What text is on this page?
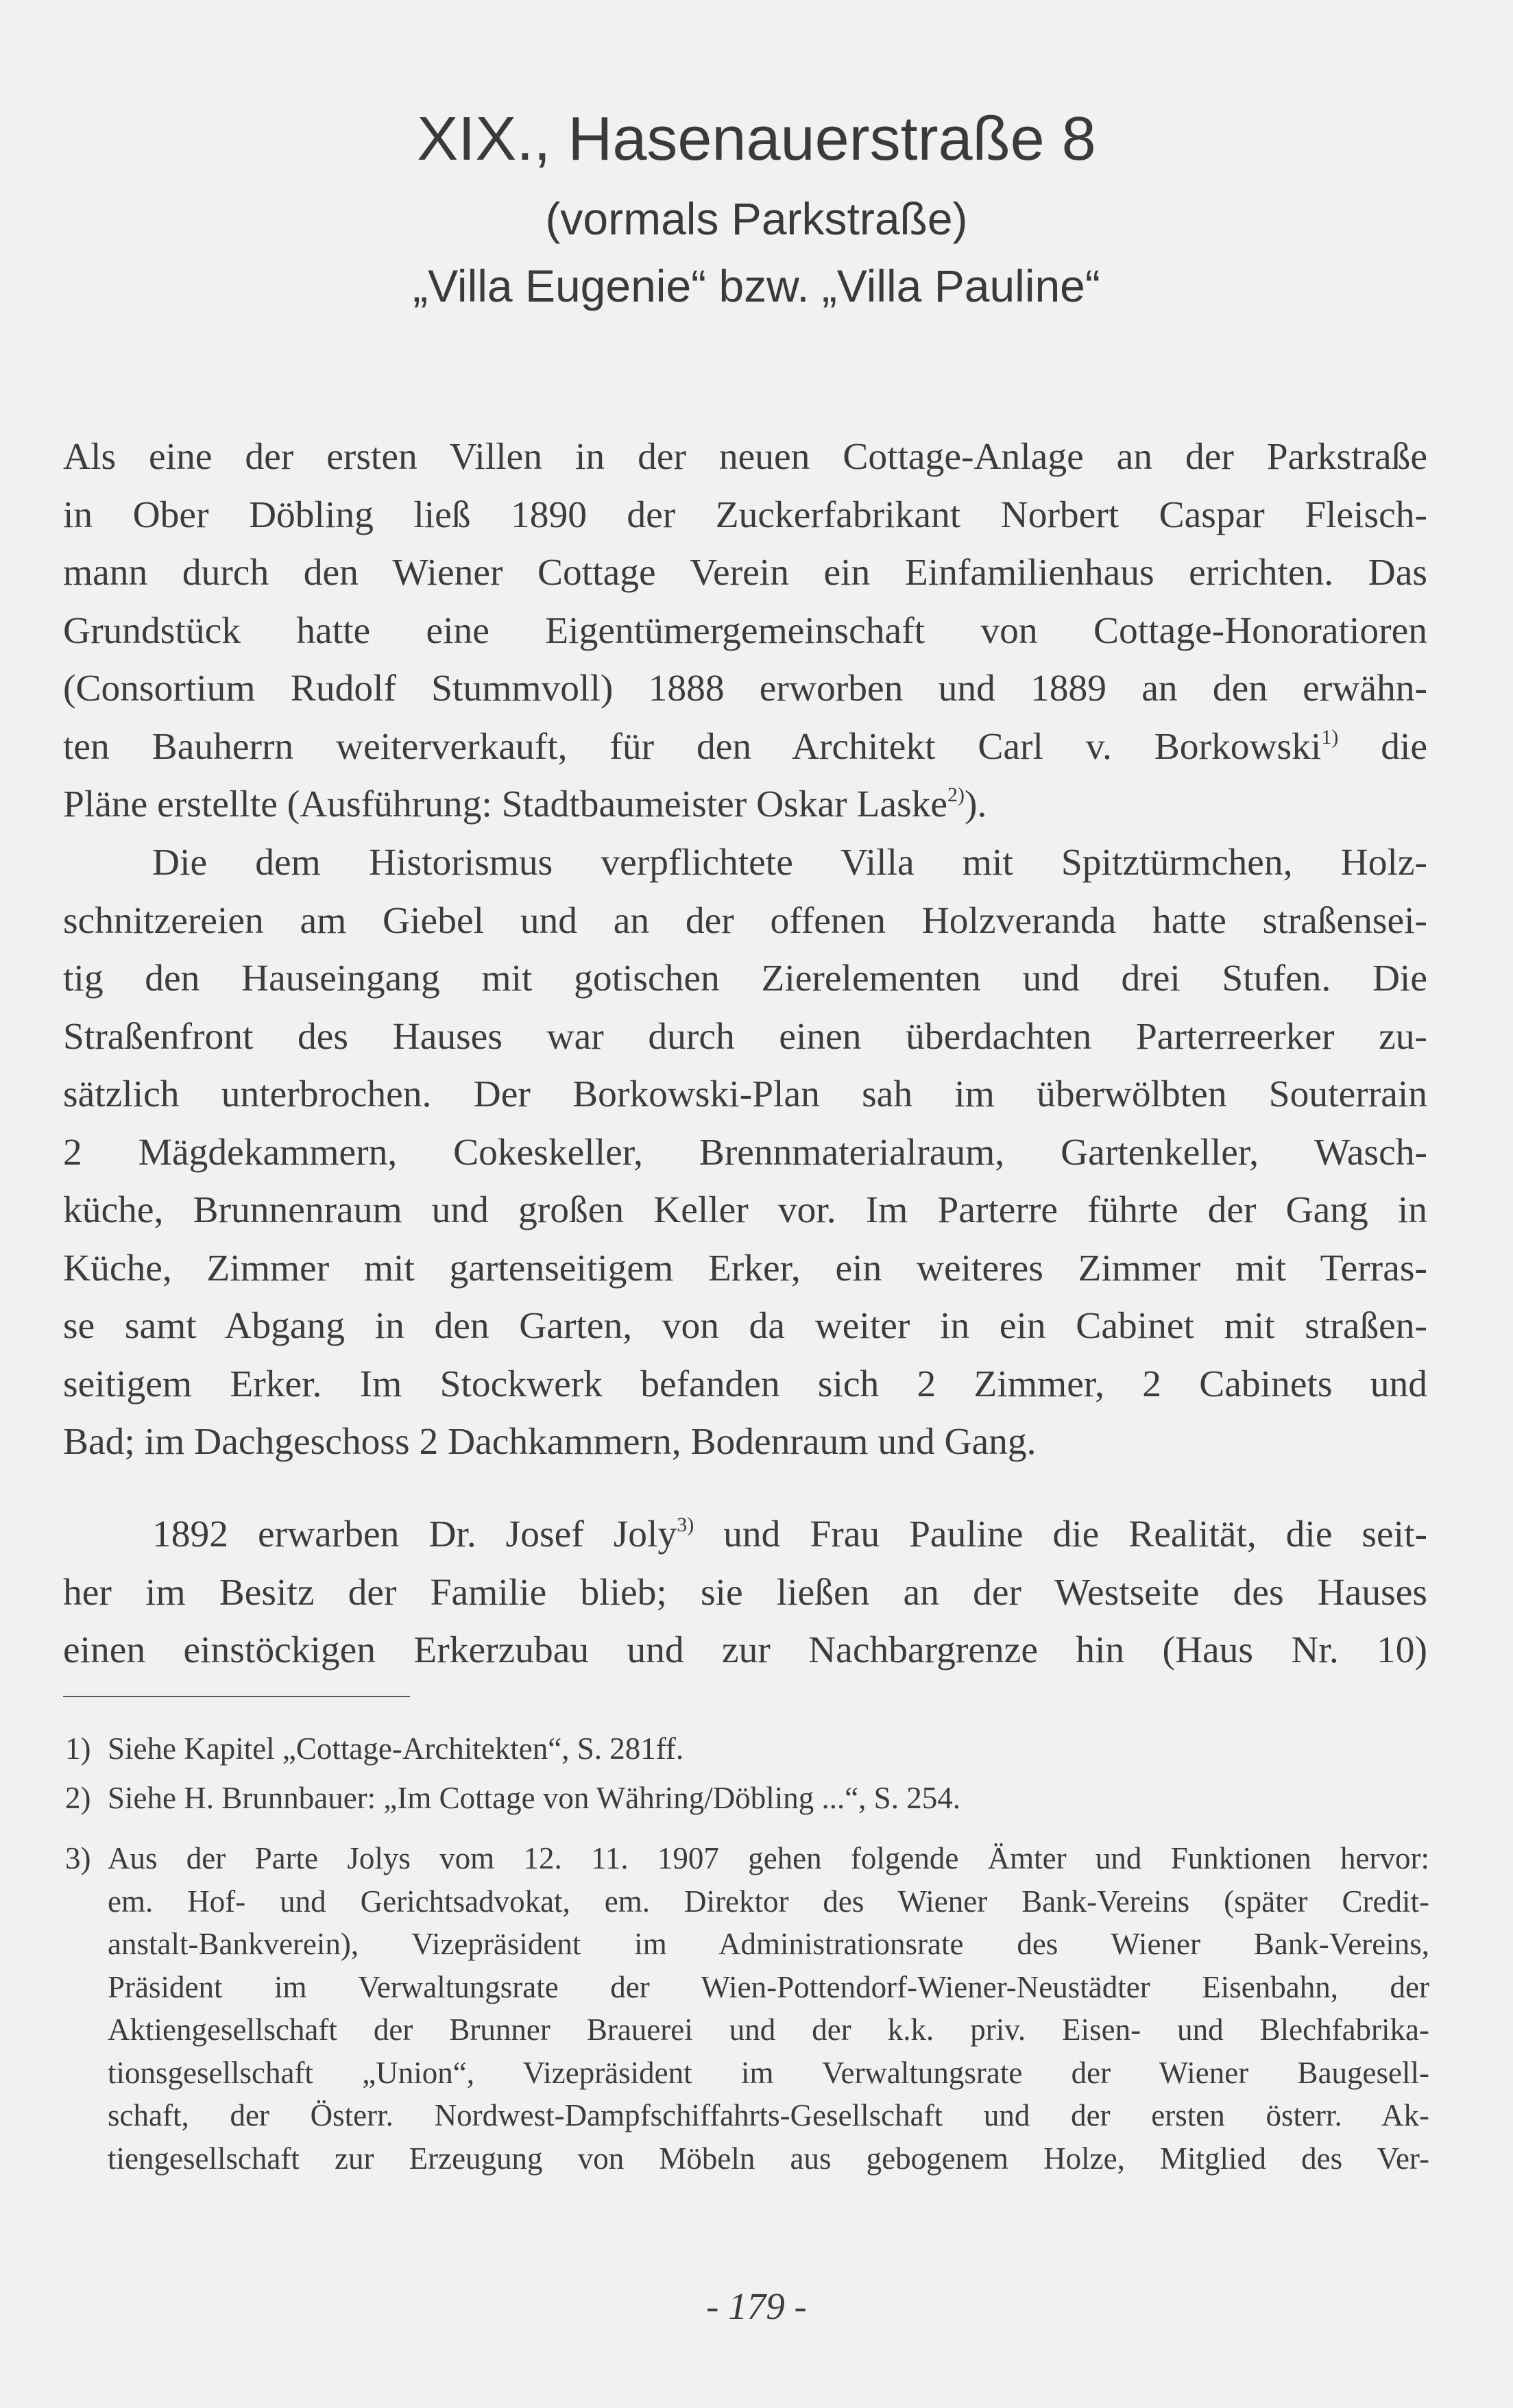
XIX., Hasenauerstraße 8
(vormals Parkstraße)
„Villa Eugenie“ bzw. „Villa Pauline“
Als eine der ersten Villen in der neuen Cottage-Anlage an der Parkstraße
in Ober Döbling ließ 1890 der Zuckerfabrikant Norbert Caspar Fleisch-
mann durch den Wiener Cottage Verein ein Einfamilienhaus errichten. Das
Grundstück hatte eine Eigentümergemeinschaft von Cottage-Honoratioren
(Consortium Rudolf Stummvoll) 1888 erworben und 1889 an den erwähn-
ten Bauherrn weiterverkauft, für den Architekt Carl v. Borkowski$^{1)}$ die
Pläne erstellte (Ausführung: Stadtbaumeister Oskar Laske$^{2)}$).
Die dem Historismus verpflichtete Villa mit Spitztürmchen, Holz-
schnitzereien am Giebel und an der offenen Holzveranda hatte straßensei-
tig den Hauseingang mit gotischen Zierelementen und drei Stufen. Die
Straßenfront des Hauses war durch einen überdachten Parterreerker zu-
sätzlich unterbrochen. Der Borkowski-Plan sah im überwölbten Souterrain
2 Mägdekammern, Cokeskeller, Brennmaterialraum, Gartenkeller, Wasch-
küche, Brunnenraum und großen Keller vor. Im Parterre führte der Gang in
Küche, Zimmer mit gartenseitigem Erker, ein weiteres Zimmer mit Terras-
se samt Abgang in den Garten, von da weiter in ein Cabinet mit straßen-
seitigem Erker. Im Stockwerk befanden sich 2 Zimmer, 2 Cabinets und
Bad; im Dachgeschoss 2 Dachkammern, Bodenraum und Gang.
1892 erwarben Dr. Josef Joly$^{3)}$ und Frau Pauline die Realität, die seit-
her im Besitz der Familie blieb; sie ließen an der Westseite des Hauses
einen einstöckigen Erkerzubau und zur Nachbargrenze hin (Haus Nr. 10)
1) Siehe Kapitel „Cottage-Architekten“, S. 281ff.
2) Siehe H. Brunnbauer: „Im Cottage von Währing/Döbling ...“, S. 254.
3) Aus der Parte Jolys vom 12. 11. 1907 gehen folgende Ämter und Funktionen hervor:
em. Hof- und Gerichtsadvokat, em. Direktor des Wiener Bank-Vereins (später Credit-
anstalt-Bankverein), Vizepräsident im Administrationsrate des Wiener Bank-Vereins,
Präsident im Verwaltungsrate der Wien-Pottendorf-Wiener-Neustädter Eisenbahn, der
Aktiengesellschaft der Brunner Brauerei und der k.k. priv. Eisen- und Blechfabrika-
tionsgesellschaft „Union“, Vizepräsident im Verwaltungsrate der Wiener Baugesell-
schaft, der Österr. Nordwest-Dampfschiffahrts-Gesellschaft und der ersten österr. Ak-
tiengesellschaft zur Erzeugung von Möbeln aus gebogenem Holze, Mitglied des Ver-
- 179 -
